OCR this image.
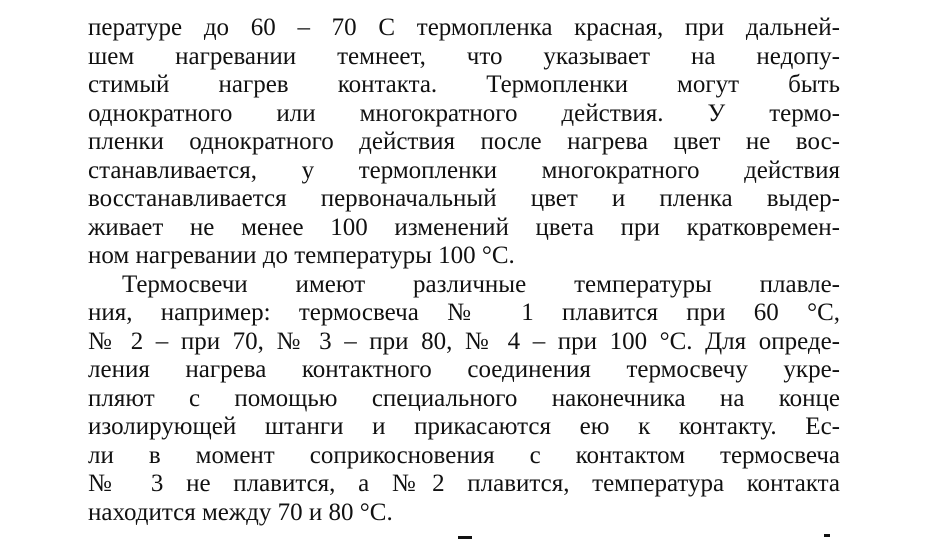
пературе до 60 – 70 С термопленка красная, при дальней-
шем нагревании темнеет, что указывает на недопу-
стимый нагрев контакта. Термопленки могут быть
однократного или многократного действия. У термо-
пленки однократного действия после нагрева цвет не вос-
станавливается, у термопленки многократного действия
восстанавливается первоначальный цвет и пленка выдер-
живает не менее 100 изменений цвета при кратковремен-
ном нагревании до температуры 100 °С.
Термосвечи имеют различные температуры плавле-
ния, например: термосвеча № 1 плавится при 60 °С,
№ 2 – при 70, № 3 – при 80, № 4 – при 100 °С. Для опреде-
ления нагрева контактного соединения термосвечу укре-
пляют с помощью специального наконечника на конце
изолирующей штанги и прикасаются ею к контакту. Ес-
ли в момент соприкосновения с контактом термосвеча
№ 3 не плавится, а №2 плавится, температура контакта
находится между 70 и 80 °С.
